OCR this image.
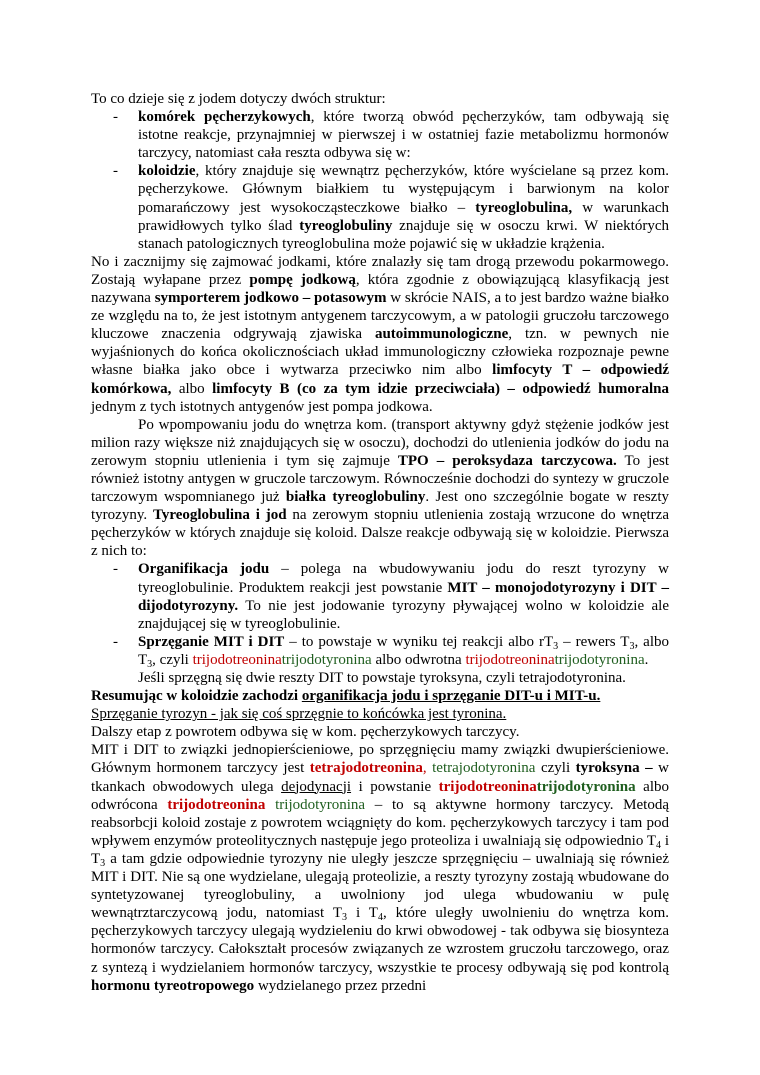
To co dzieje się z jodem dotyczy dwóch struktur:

- komórek pęcherzykowych, które tworzą obwód pęcherzyków, tam odbywają się istotne reakcje, przynajmniej w pierwszej i w ostatniej fazie metabolizmu hormonów tarczycy, natomiast cała reszta odbywa się w:
- koloidzie, który znajduje się wewnątrz pęcherzyków, które wyścielane są przez kom. pęcherzykowe. Głównym białkiem tu występującym i barwionym na kolor pomarańczowy jest wysokocząsteczkowe białko – tyreoglobulina, w warunkach prawidłowych tylko ślad tyreoglobuliny znajduje się w osoczu krwi. W niektórych stanach patologicznych tyreoglobulina może pojawić się w układzie krążenia.

No i zacznijmy się zajmować jodkami, które znalazły się tam drogą przewodu pokarmowego. Zostają wyłapane przez pompę jodkową, która zgodnie z obowiązującą klasyfikacją jest nazywana symporterem jodkowo – potasowym w skrócie NAIS, a to jest bardzo ważne białko ze względu na to, że jest istotnym antygenem tarczycowym, a w patologii gruczołu tarczowego kluczowe znaczenia odgrywają zjawiska autoimmunologiczne, tzn. w pewnych nie wyjaśnionych do końca okolicznościach układ immunologiczny człowieka rozpoznaje pewne własne białka jako obce i wytwarza przeciwko nim albo limfocyty T – odpowiedź komórkowa, albo limfocyty B (co za tym idzie przeciwciała) – odpowiedź humoralna jednym z tych istotnych antygenów jest pompa jodkowa.

Po wpompowaniu jodu do wnętrza kom. (transport aktywny gdyż stężenie jodków jest milion razy większe niż znajdujących się w osoczu), dochodzi do utlenienia jodków do jodu na zerowym stopniu utlenienia i tym się zajmuje TPO – peroksydaza tarczycowa. To jest również istotny antygen w gruczole tarczowym. Równocześnie dochodzi do syntezy w gruczole tarczowym wspomnianego już białka tyreoglobuliny. Jest ono szczególnie bogate w reszty tyrozyny. Tyreoglobulina i jod na zerowym stopniu utlenienia zostają wrzucone do wnętrza pęcherzyków w których znajduje się koloid. Dalsze reakcje odbywają się w koloidzie. Pierwsza z nich to:

- Organifikacja jodu – polega na wbudowywaniu jodu do reszt tyrozyny w tyreoglobulinie. Produktem reakcji jest powstanie MIT – monojodotyrozyny i DIT – dijodotyrozyny. To nie jest jodowanie tyrozyny pływającej wolno w koloidzie ale znajdującej się w tyreoglobulinie.
- Sprzęganie MIT i DIT – to powstaje w wyniku tej reakcji albo $rT_3$ – rewers $T_3$, albo $T_3$, czyli trijodotreoninatrijodotyronina albo odwrotna trijodotreoninatrijodotyronina.
Jeśli sprzęgną się dwie reszty DIT to powstaje tyroksyna, czyli tetrajodotyronina.

Resumując w koloidzie zachodzi organifikacja jodu i sprzęganie DIT-u i MIT-u.

Sprzęganie tyrozyn - jak się coś sprzęgnie to końcówka jest tyronina.

Dalszy etap z powrotem odbywa się w kom. pęcherzykowych tarczycy.

MIT i DIT to związki jednopierścieniowe, po sprzęgnięciu mamy związki dwupierścieniowe. Głównym hormonem tarczycy jest tetrajodotreonina, tetrajodotyronina czyli tyroksyna – w tkankach obwodowych ulega dejodynacji i powstanie trijodotreoninatrijodotyronina albo odwrócona trijodotreonina trijodotyronina – to są aktywne hormony tarczycy. Metodą reabsorbcji koloid zostaje z powrotem wciągnięty do kom. pęcherzykowych tarczycy i tam pod wpływem enzymów proteolitycznych następuje jego proteoliza i uwalniają się odpowiednio $T_4$ i $T_3$ a tam gdzie odpowiednie tyrozyny nie uległy jeszcze sprzęgnięciu – uwalniają się również MIT i DIT. Nie są one wydzielane, ulegają proteolizie, a reszty tyrozyny zostają wbudowane do syntetyzowanej tyreoglobuliny, a uwolniony jod ulega wbudowaniu w pulę wewnątrztarczycową jodu, natomiast $T_3$ i $T_4$, które uległy uwolnieniu do wnętrza kom. pęcherzykowych tarczycy ulegają wydzieleniu do krwi obwodowej - tak odbywa się biosynteza hormonów tarczycy. Całokształt procesów związanych ze wzrostem gruczołu tarczowego, oraz z syntezą i wydzielaniem hormonów tarczycy, wszystkie te procesy odbywają się pod kontrolą hormonu tyreotropowego wydzielanego przez przedni
